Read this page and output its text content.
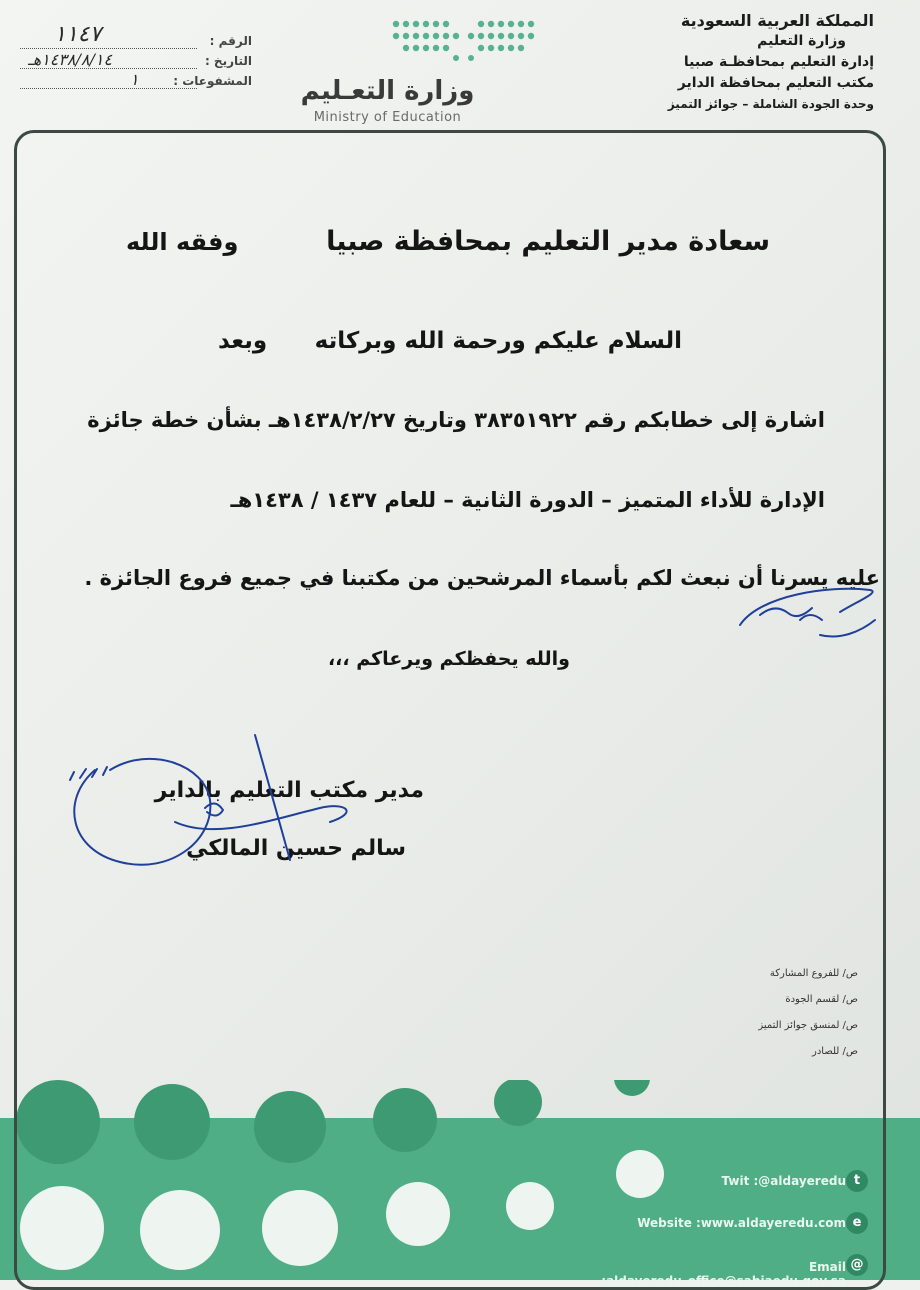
المملكة العربية السعودية
وزارة التعليم
إدارة التعليم بمحافظـة صبيا
مكتب التعليم بمحافظة الداير
وحدة الجودة الشاملة – جوائز التميز
وزارة التعـليم
Ministry of Education
الرقم :
١١٤٧
التاريخ :
١٤٣٨/٨/١٤هـ
المشفوعات :
١
t
Twit :@aldayeredu
e
Website :www.aldayeredu.com
@
Email :aldayeredu_office@sabiaedu.gov.sa
سعادة مدير التعليم بمحافظة صبيا
وفقه الله
السلام عليكم ورحمة الله وبركاته
وبعد
اشارة إلى خطابكم رقم ٣٨٣٥١٩٢٢ وتاريخ ١٤٣٨/٢/٢٧هـ بشأن خطة جائزة
الإدارة للأداء المتميز – الدورة الثانية – للعام ١٤٣٧ / ١٤٣٨هـ
عليه يسرنا أن نبعث لكم بأسماء المرشحين من مكتبنا في جميع فروع الجائزة .
والله يحفظكم ويرعاكم ،،،
مدير مكتب التعليم بالداير
سالم حسين المالكي
ص/ للفروع المشاركة
ص/ لقسم الجودة
ص/ لمنسق جوائز التميز
ص/ للصادر
